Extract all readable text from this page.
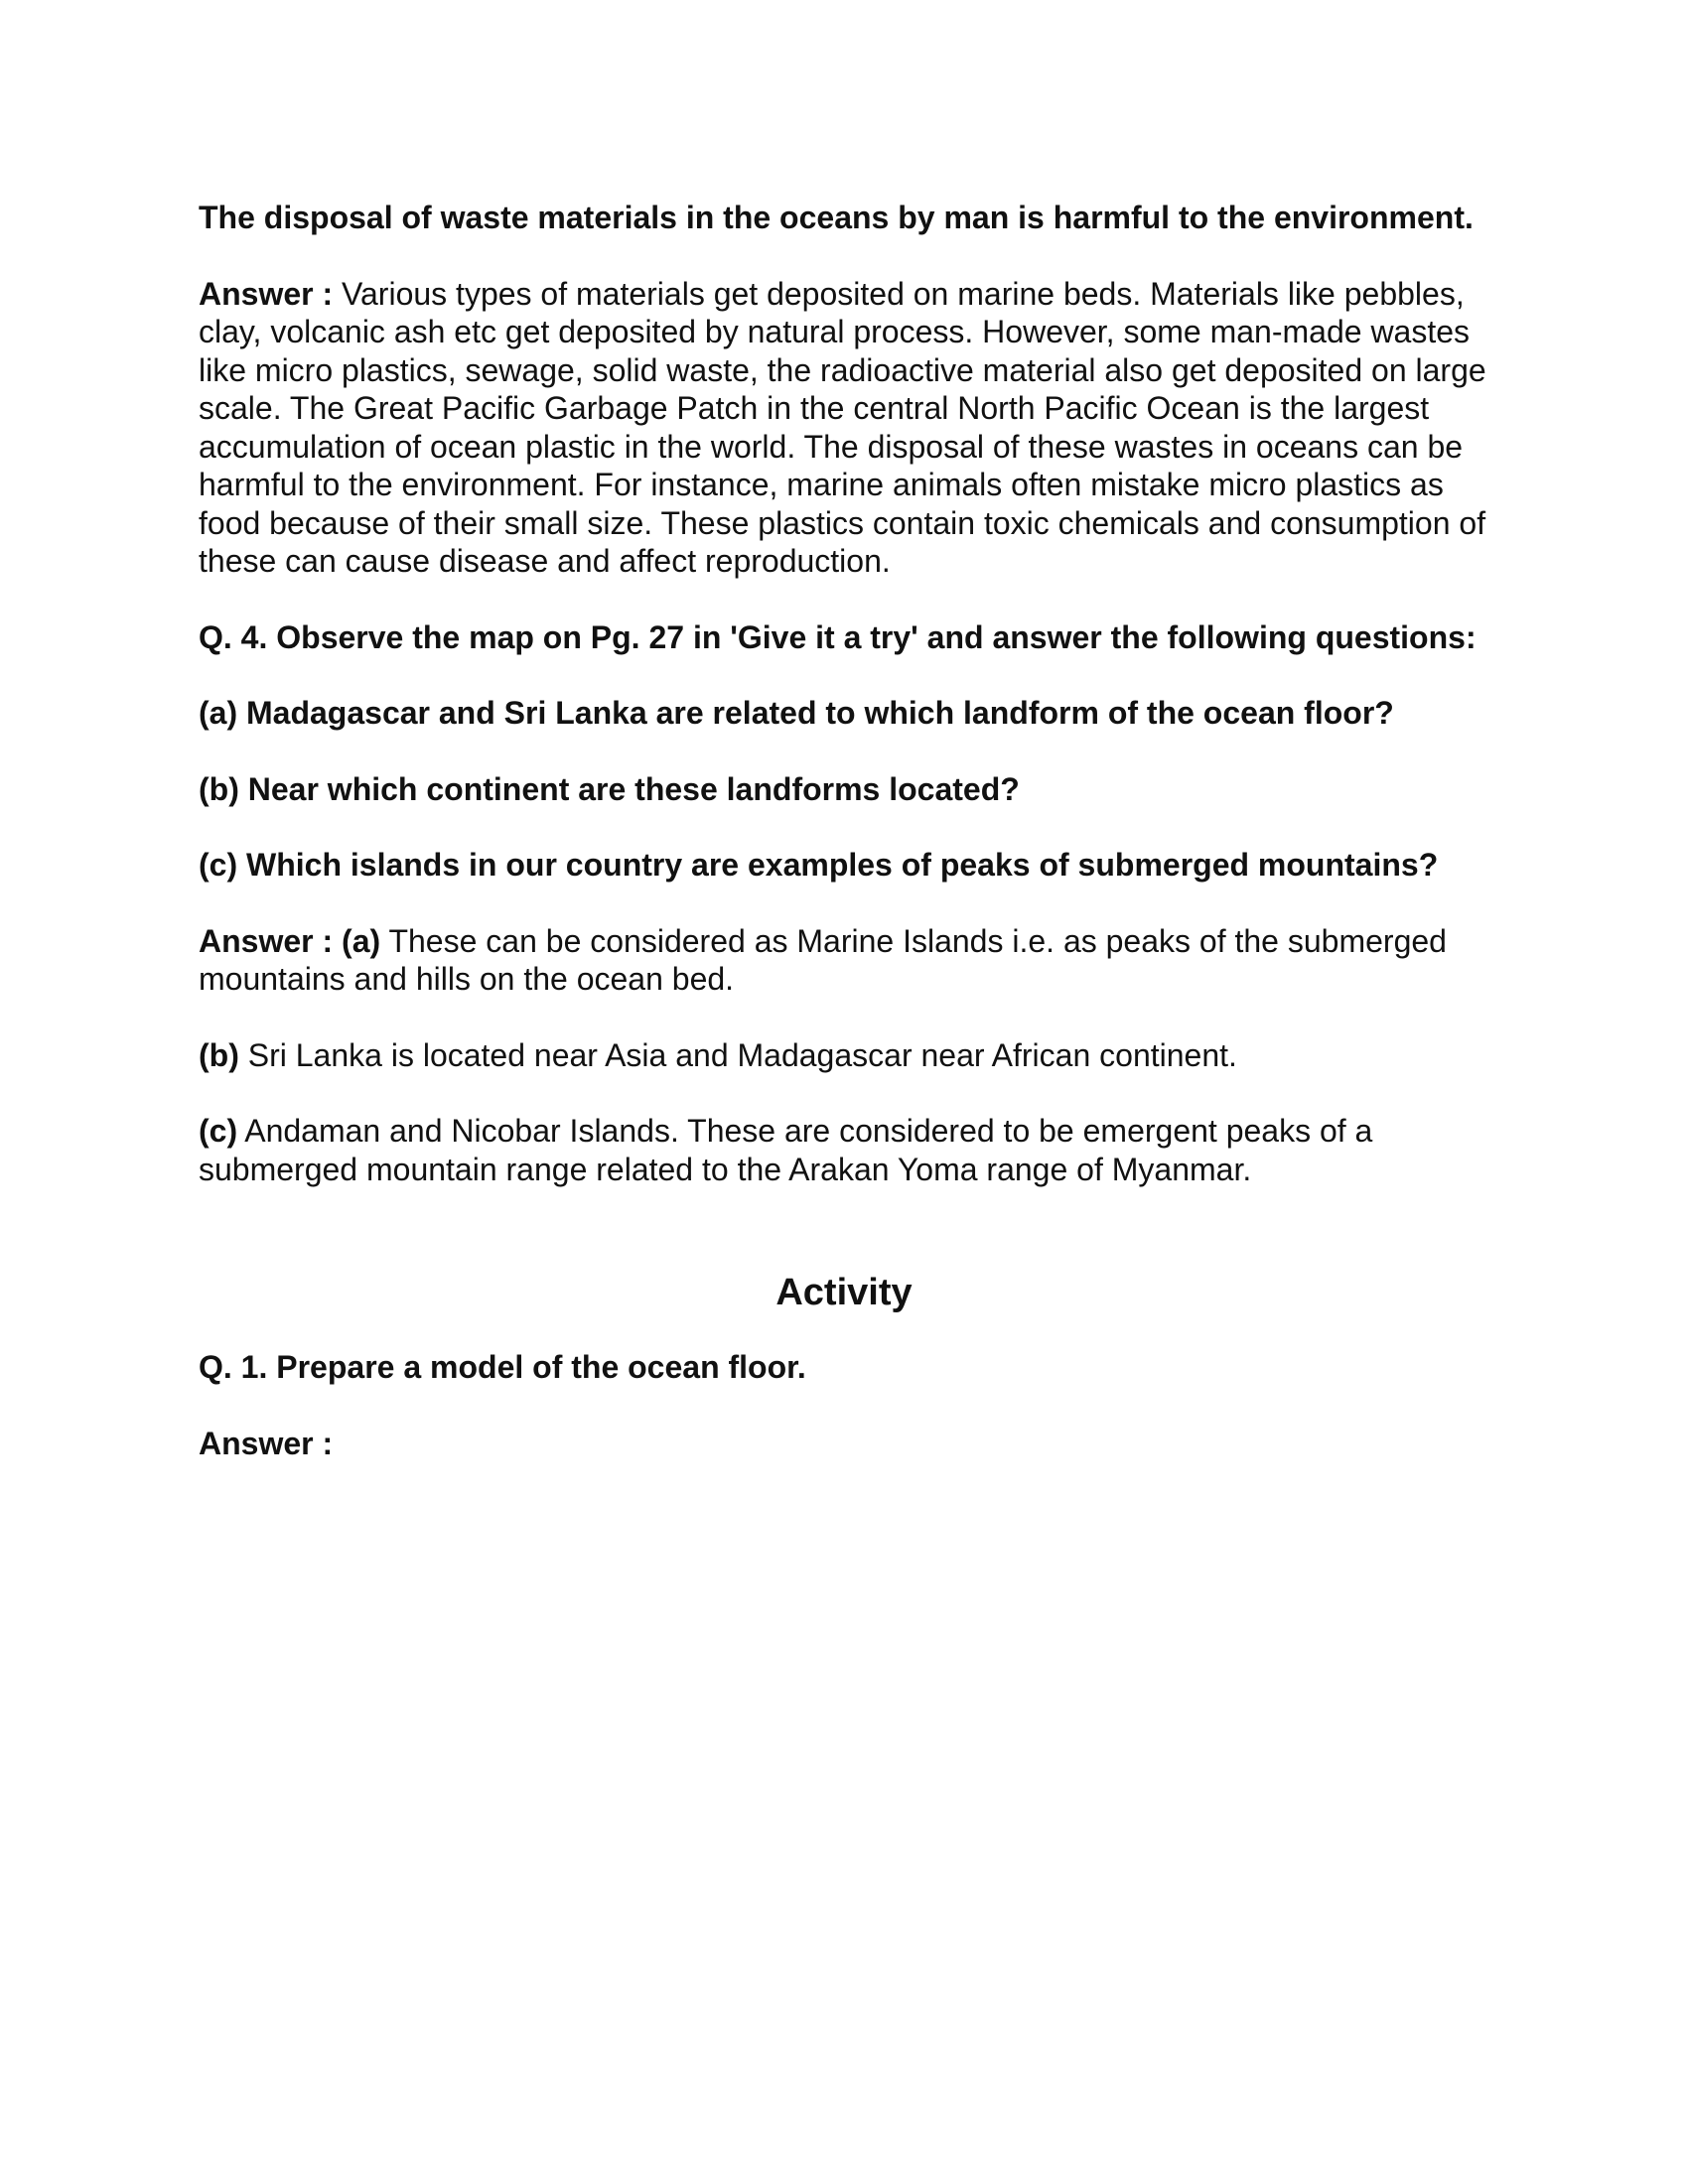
The disposal of waste materials in the oceans by man is harmful to the environment.

Answer : Various types of materials get deposited on marine beds. Materials like pebbles, clay, volcanic ash etc get deposited by natural process. However, some man-made wastes like micro plastics, sewage, solid waste, the radioactive material also get deposited on large scale. The Great Pacific Garbage Patch in the central North Pacific Ocean is the largest accumulation of ocean plastic in the world. The disposal of these wastes in oceans can be harmful to the environment. For instance, marine animals often mistake micro plastics as food because of their small size. These plastics contain toxic chemicals and consumption of these can cause disease and affect reproduction.

Q. 4. Observe the map on Pg. 27 in 'Give it a try' and answer the following questions:

(a) Madagascar and Sri Lanka are related to which landform of the ocean floor?

(b) Near which continent are these landforms located?

(c) Which islands in our country are examples of peaks of submerged mountains?

Answer : (a) These can be considered as Marine Islands i.e. as peaks of the submerged mountains and hills on the ocean bed.

(b) Sri Lanka is located near Asia and Madagascar near African continent.

(c) Andaman and Nicobar Islands. These are considered to be emergent peaks of a submerged mountain range related to the Arakan Yoma range of Myanmar.

Activity

Q. 1. Prepare a model of the ocean floor.

Answer :
